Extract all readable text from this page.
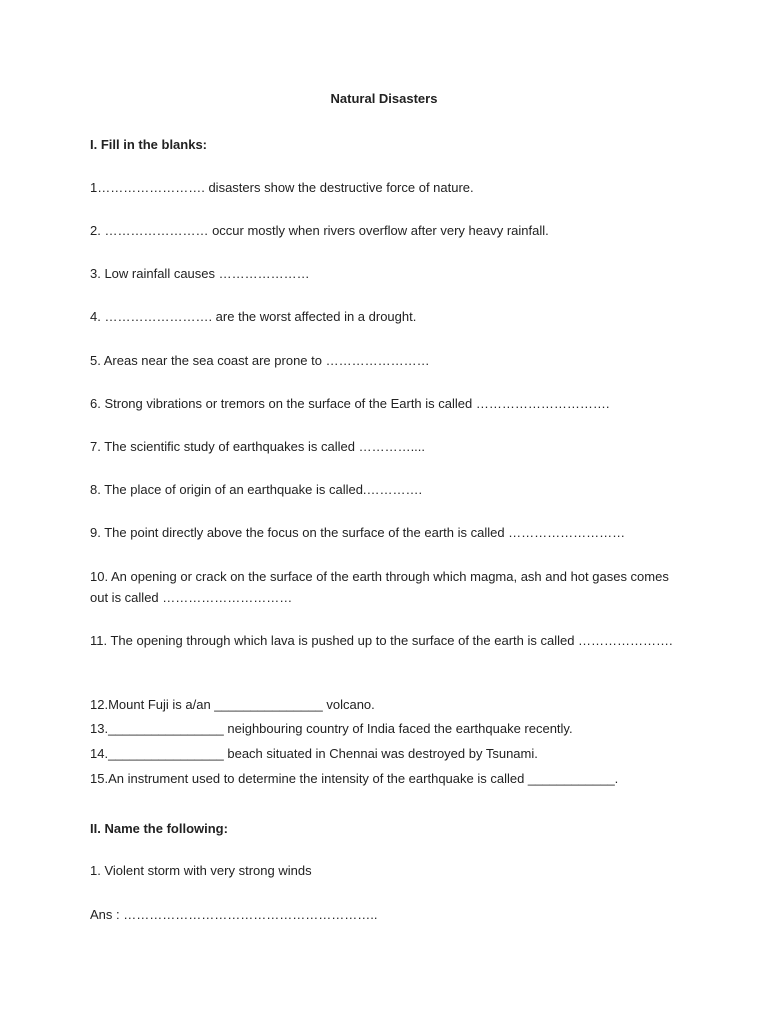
Natural Disasters
I. Fill in the blanks:
1……………………. disasters show the destructive force of nature.
2. …………………… occur mostly when rivers overflow after very heavy rainfall.
3. Low rainfall causes …………………
4. ……………………. are the worst affected in a drought.
5. Areas near the sea coast are prone to ……………………
6. Strong vibrations or tremors on the surface of the Earth is called ………………………….
7. The scientific study of earthquakes is called …………....
8. The place of origin of an earthquake is called.………….
9. The point directly above the focus on the surface of the earth is called ………………………
10. An opening or crack on the surface of the earth through which magma, ash and hot gases comes out is called …………………………
11. The opening through which lava is pushed up to the surface of the earth is called ………………….
12.Mount Fuji is a/an _______________ volcano.
13.________________ neighbouring country of India faced the earthquake recently.
14.________________ beach situated in Chennai was destroyed by Tsunami.
15.An instrument used to determine the intensity of the earthquake is called ____________.
II. Name the following:
1. Violent storm with very strong winds
Ans : …………………………………………………..
